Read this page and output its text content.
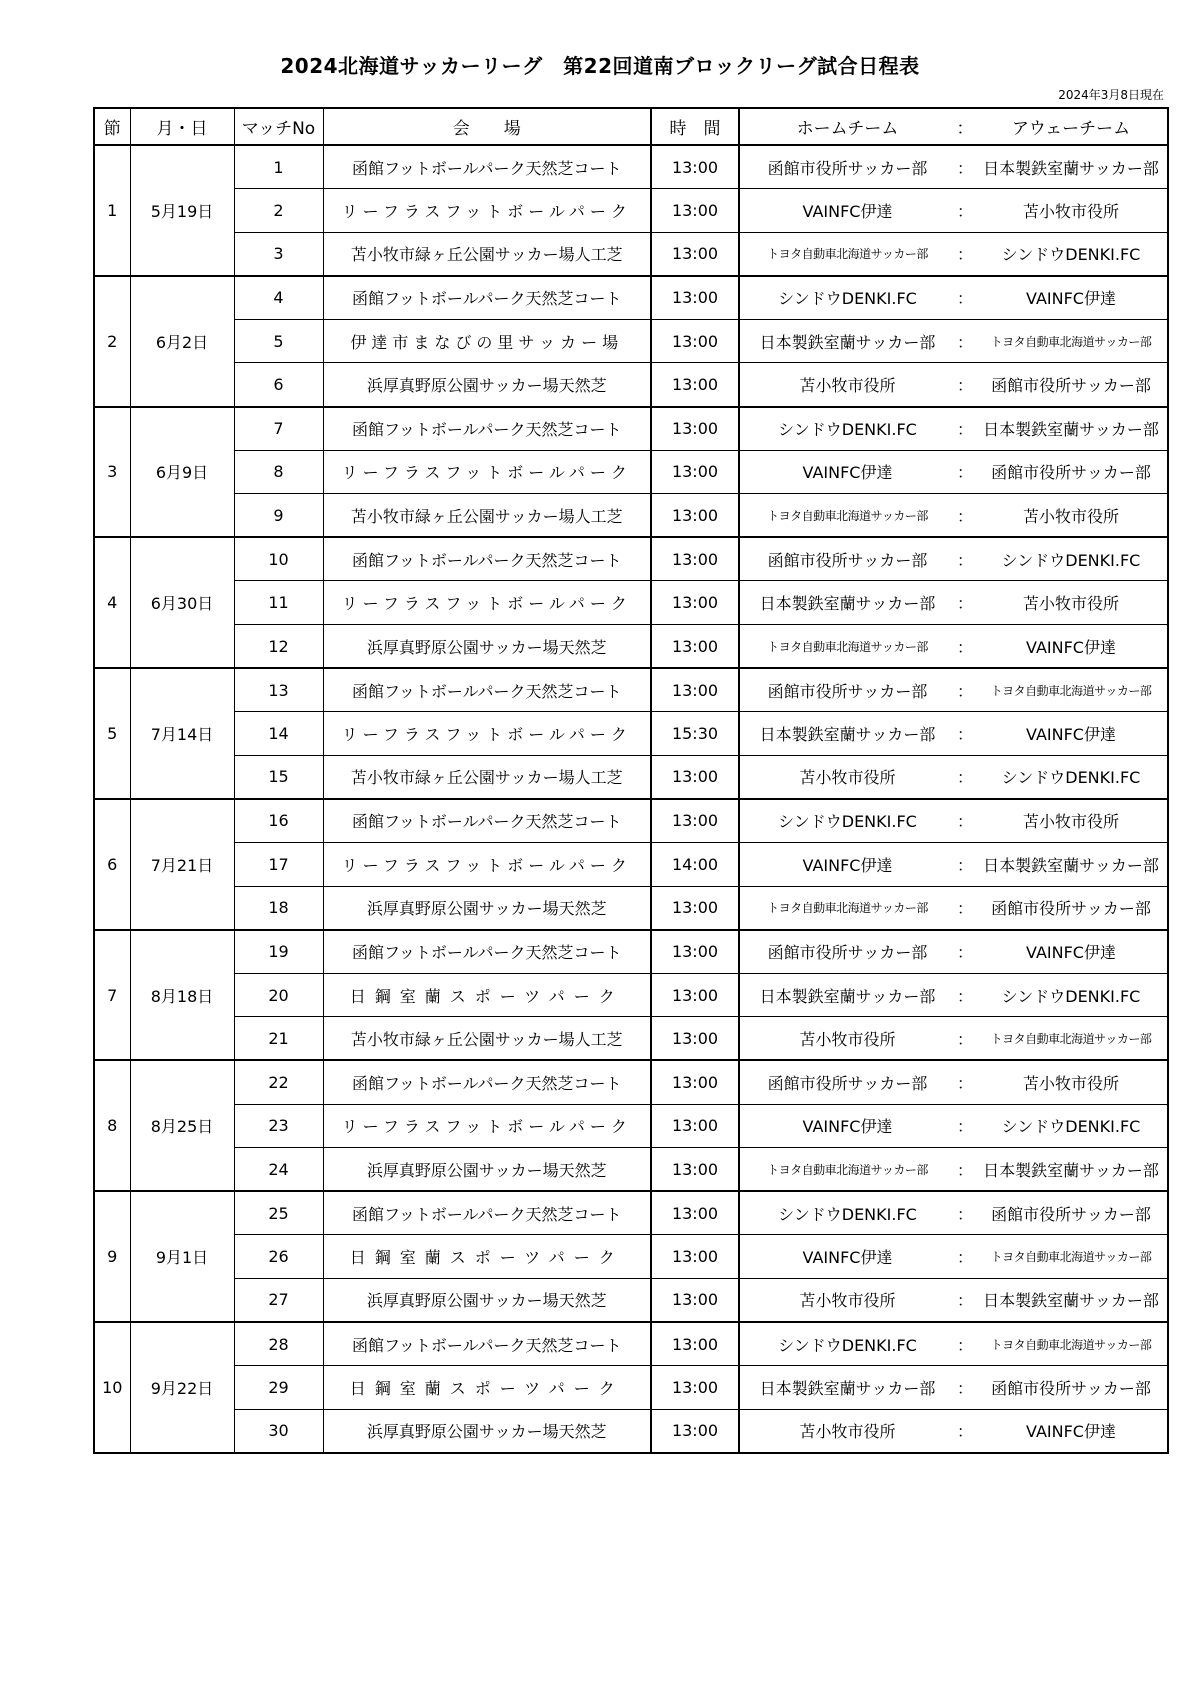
2024北海道サッカーリーグ　第22回道南ブロックリーグ試合日程表
2024年3月8日現在
節	月・日	マッチNo	会　　場	時　間	ホームチーム	：	アウェーチーム
1	5月19日	1	函館フットボールパーク天然芝コート	13:00	函館市役所サッカー部	：	日本製鉄室蘭サッカー部
		2	リーフラスフットボールパーク	13:00	VAINFC伊達	：	苫小牧市役所
		3	苫小牧市緑ヶ丘公園サッカー場人工芝	13:00	トヨタ自動車北海道サッカー部	：	シンドウDENKI.FC
2	6月2日	4	函館フットボールパーク天然芝コート	13:00	シンドウDENKI.FC	：	VAINFC伊達
		5	伊達市まなびの里サッカー場	13:00	日本製鉄室蘭サッカー部	：	トヨタ自動車北海道サッカー部
		6	浜厚真野原公園サッカー場天然芝	13:00	苫小牧市役所	：	函館市役所サッカー部
3	6月9日	7	函館フットボールパーク天然芝コート	13:00	シンドウDENKI.FC	：	日本製鉄室蘭サッカー部
		8	リーフラスフットボールパーク	13:00	VAINFC伊達	：	函館市役所サッカー部
		9	苫小牧市緑ヶ丘公園サッカー場人工芝	13:00	トヨタ自動車北海道サッカー部	：	苫小牧市役所
4	6月30日	10	函館フットボールパーク天然芝コート	13:00	函館市役所サッカー部	：	シンドウDENKI.FC
		11	リーフラスフットボールパーク	13:00	日本製鉄室蘭サッカー部	：	苫小牧市役所
		12	浜厚真野原公園サッカー場天然芝	13:00	トヨタ自動車北海道サッカー部	：	VAINFC伊達
5	7月14日	13	函館フットボールパーク天然芝コート	13:00	函館市役所サッカー部	：	トヨタ自動車北海道サッカー部
		14	リーフラスフットボールパーク	15:30	日本製鉄室蘭サッカー部	：	VAINFC伊達
		15	苫小牧市緑ヶ丘公園サッカー場人工芝	13:00	苫小牧市役所	：	シンドウDENKI.FC
6	7月21日	16	函館フットボールパーク天然芝コート	13:00	シンドウDENKI.FC	：	苫小牧市役所
		17	リーフラスフットボールパーク	14:00	VAINFC伊達	：	日本製鉄室蘭サッカー部
		18	浜厚真野原公園サッカー場天然芝	13:00	トヨタ自動車北海道サッカー部	：	函館市役所サッカー部
7	8月18日	19	函館フットボールパーク天然芝コート	13:00	函館市役所サッカー部	：	VAINFC伊達
		20	日鋼室蘭スポーツパーク	13:00	日本製鉄室蘭サッカー部	：	シンドウDENKI.FC
		21	苫小牧市緑ヶ丘公園サッカー場人工芝	13:00	苫小牧市役所	：	トヨタ自動車北海道サッカー部
8	8月25日	22	函館フットボールパーク天然芝コート	13:00	函館市役所サッカー部	：	苫小牧市役所
		23	リーフラスフットボールパーク	13:00	VAINFC伊達	：	シンドウDENKI.FC
		24	浜厚真野原公園サッカー場天然芝	13:00	トヨタ自動車北海道サッカー部	：	日本製鉄室蘭サッカー部
9	9月1日	25	函館フットボールパーク天然芝コート	13:00	シンドウDENKI.FC	：	函館市役所サッカー部
		26	日鋼室蘭スポーツパーク	13:00	VAINFC伊達	：	トヨタ自動車北海道サッカー部
		27	浜厚真野原公園サッカー場天然芝	13:00	苫小牧市役所	：	日本製鉄室蘭サッカー部
10	9月22日	28	函館フットボールパーク天然芝コート	13:00	シンドウDENKI.FC	：	トヨタ自動車北海道サッカー部
		29	日鋼室蘭スポーツパーク	13:00	日本製鉄室蘭サッカー部	：	函館市役所サッカー部
		30	浜厚真野原公園サッカー場天然芝	13:00	苫小牧市役所	：	VAINFC伊達
